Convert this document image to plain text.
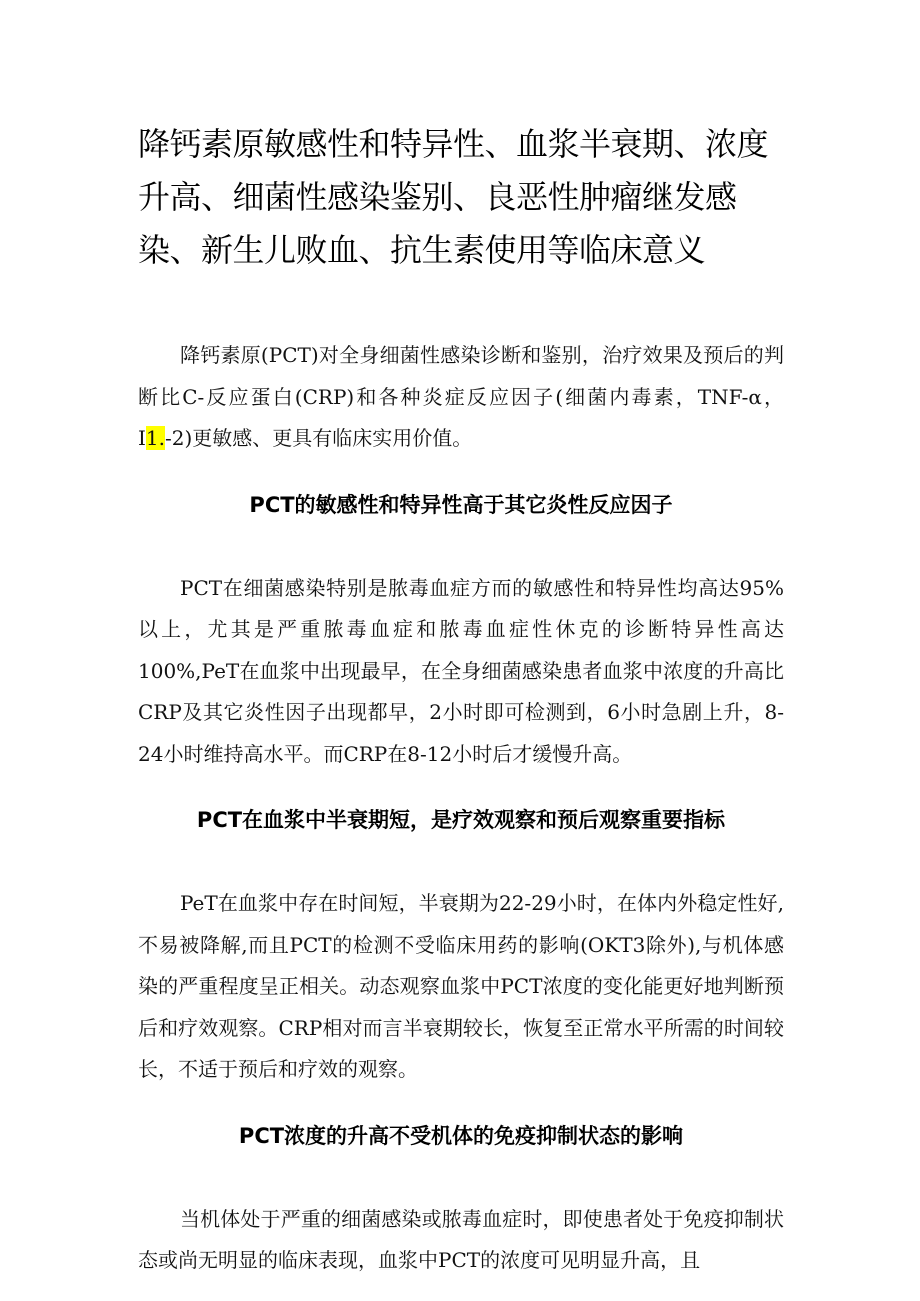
降钙素原敏感性和特异性、血浆半衰期、浓度升高、细菌性感染鉴别、良恶性肿瘤继发感染、新生儿败血、抗生素使用等临床意义

降钙素原(PCT)对全身细菌性感染诊断和鉴别，治疗效果及预后的判断比C-反应蛋白(CRP)和各种炎症反应因子(细菌内毒素，TNF-α，I1.-2)更敏感、更具有临床实用价值。

PCT的敏感性和特异性高于其它炎性反应因子

PCT在细菌感染特别是脓毒血症方而的敏感性和特异性均高达95%以上，尤其是严重脓毒血症和脓毒血症性休克的诊断特异性高达100%,PeT在血浆中出现最早，在全身细菌感染患者血浆中浓度的升高比CRP及其它炎性因子出现都早，2小时即可检测到，6小时急剧上升，8-24小时维持高水平。而CRP在8-12小时后才缓慢升高。

PCT在血浆中半衰期短，是疗效观察和预后观察重要指标

PeT在血浆中存在时间短，半衰期为22-29小时，在体内外稳定性好,不易被降解,而且PCT的检测不受临床用药的影响(OKT3除外),与机体感染的严重程度呈正相关。动态观察血浆中PCT浓度的变化能更好地判断预后和疗效观察。CRP相对而言半衰期较长，恢复至正常水平所需的时间较长，不适于预后和疗效的观察。

PCT浓度的升高不受机体的免疫抑制状态的影响

当机体处于严重的细菌感染或脓毒血症时，即使患者处于免疫抑制状态或尚无明显的临床表现，血浆中PCT的浓度可见明显升高，且
